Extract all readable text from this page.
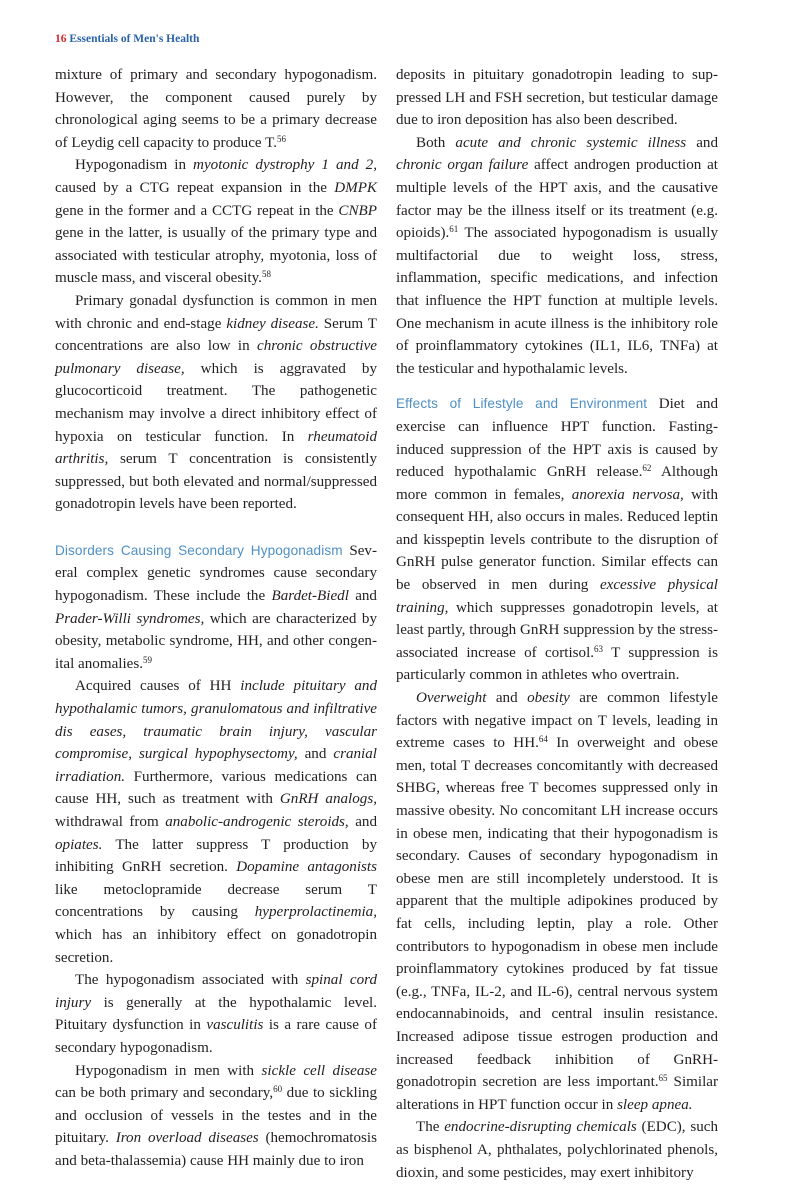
16 Essentials of Men's Health

mixture of primary and secondary hypogonadism. However, the component caused purely by chronological aging seems to be a primary decrease of Leydig cell capacity to produce T.$^{56}$

Hypogonadism in myotonic dystrophy 1 and 2, caused by a CTG repeat expansion in the DMPK gene in the former and a CCTG repeat in the CNBP gene in the latter, is usually of the primary type and associated with testicular atrophy, myotonia, loss of muscle mass, and visceral obesity.$^{58}$

Primary gonadal dysfunction is common in men with chronic and end-stage kidney disease. Serum T concentrations are also low in chronic obstructive pulmonary disease, which is aggravated by glucocorticoid treatment. The pathogenetic mechanism may involve a direct inhibitory effect of hypoxia on testicular function. In rheumatoid arthritis, serum T concentration is consistently suppressed, but both elevated and normal/​suppressed gonadotropin levels have been reported.

Disorders Causing Secondary Hypogonadism Several complex genetic syndromes cause secondary hypogonadism. These include the Bardet-Biedl and Prader-Willi syndromes, which are characterized by obesity, metabolic syndrome, HH, and other congenital anomalies.$^{59}$

Acquired causes of HH include pituitary and hypothalamic tumors, granulomatous and infiltrative dis eases, traumatic brain injury, vascular compromise, surgical hypophysectomy, and cranial irradiation. Furthermore, various medications can cause HH, such as treatment with GnRH analogs, withdrawal from anabolic-androgenic steroids, and opiates. The latter suppress T production by inhibiting GnRH secretion. Dopamine antagonists like metoclopramide decrease serum T concentrations by causing hyperprolactinemia, which has an inhibitory effect on gonadotropin secretion.

The hypogonadism associated with spinal cord injury is generally at the hypothalamic level. Pituitary dysfunction in vasculitis is a rare cause of secondary hypogonadism.

Hypogonadism in men with sickle cell disease can be both primary and secondary,$^{60}$ due to sickling and occlusion of vessels in the testes and in the pituitary. Iron overload diseases (hemochromatosis and beta-thalassemia) cause HH mainly due to iron

deposits in pituitary gonadotropin leading to suppressed LH and FSH secretion, but testicular damage due to iron deposition has also been described.

Both acute and chronic systemic illness and chronic organ failure affect androgen production at multiple levels of the HPT axis, and the causative factor may be the illness itself or its treatment (e.g. opioids).$^{61}$ The associated hypogonadism is usually multifactorial due to weight loss, stress, inflammation, specific medications, and infection that influence the HPT function at multiple levels. One mechanism in acute illness is the inhibitory role of proinflammatory cytokines (IL1, IL6, TNFa) at the testicular and hypothalamic levels.

Effects of Lifestyle and Environment Diet and exercise can influence HPT function. Fasting-induced suppression of the HPT axis is caused by reduced hypothalamic GnRH release.$^{62}$ Although more common in females, anorexia nervosa, with consequent HH, also occurs in males. Reduced leptin and kisspeptin levels contribute to the disruption of GnRH pulse generator function. Similar effects can be observed in men during excessive physical training, which suppresses gonadotropin levels, at least partly, through GnRH suppression by the stress-associated increase of cortisol.$^{63}$ T suppression is particularly common in athletes who overtrain.

Overweight and obesity are common lifestyle factors with negative impact on T levels, leading in extreme cases to HH.$^{64}$ In overweight and obese men, total T decreases concomitantly with decreased SHBG, whereas free T becomes suppressed only in massive obesity. No concomitant LH increase occurs in obese men, indicating that their hypogonadism is secondary. Causes of secondary hypogonadism in obese men are still incompletely understood. It is apparent that the multiple adipokines produced by fat cells, including leptin, play a role. Other contributors to hypogonadism in obese men include proinflammatory cytokines produced by fat tissue (e.g., TNFa, IL-2, and IL-6), central nervous system endocannabinoids, and central insulin resistance. Increased adipose tissue estrogen production and increased feedback inhibition of GnRH-gonadotropin secretion are less important.$^{65}$ Similar alterations in HPT function occur in sleep apnea.

The endocrine-disrupting chemicals (EDC), such as bisphenol A, phthalates, polychlorinated phenols, dioxin, and some pesticides, may exert inhibitory
